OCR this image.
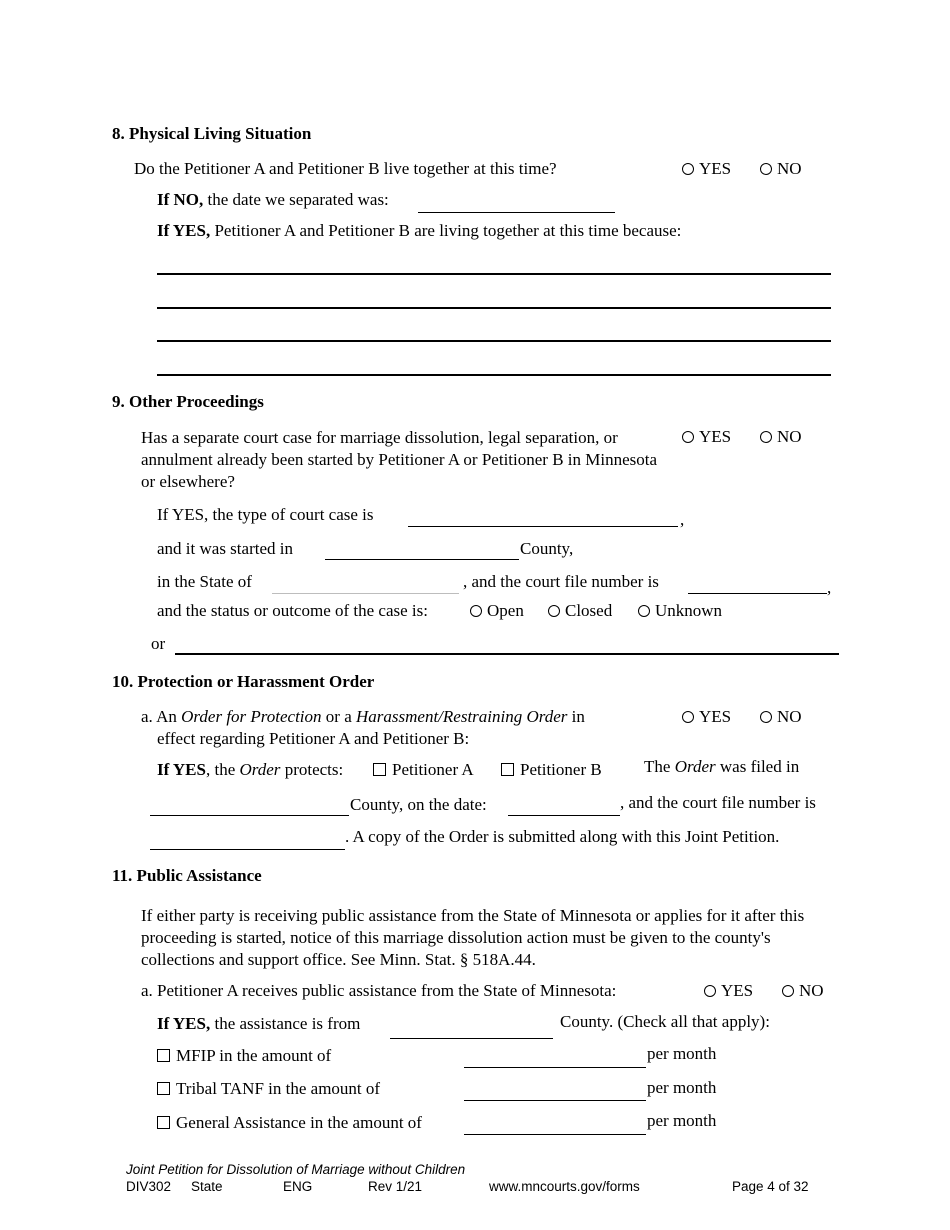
8. Physical Living Situation
Do the Petitioner A and Petitioner B live together at this time?	YES	NO
If NO, the date we separated was:
If YES, Petitioner A and Petitioner B are living together at this time because:
9. Other Proceedings
Has a separate court case for marriage dissolution, legal separation, or annulment already been started by Petitioner A or Petitioner B in Minnesota or elsewhere?
YES	NO
If YES, the type of court case is	,
and it was started in	County,
in the State of	, and the court file number is	,
and the status or outcome of the case is:	Open	Closed	Unknown
or
10. Protection or Harassment Order
a. An Order for Protection or a Harassment/Restraining Order in
effect regarding Petitioner A and Petitioner B:
YES	NO
If YES, the Order protects:	Petitioner A	Petitioner B The Order was filed in
County, on the date:	, and the court file number is
. A copy of the Order is submitted along with this Joint Petition.
11. Public Assistance
If either party is receiving public assistance from the State of Minnesota or applies for it after this proceeding is started, notice of this marriage dissolution action must be given to the county's collections and support office. See Minn. Stat. § 518A.44.
a. Petitioner A receives public assistance from the State of Minnesota:	YES	NO
If YES, the assistance is from	County. (Check all that apply):
MFIP in the amount of	per month
Tribal TANF in the amount of	per month
General Assistance in the amount of	per month
Joint Petition for Dissolution of Marriage without Children
DIV302 State	ENG	Rev 1/21	www.mncourts.gov/forms	Page 4 of 32
